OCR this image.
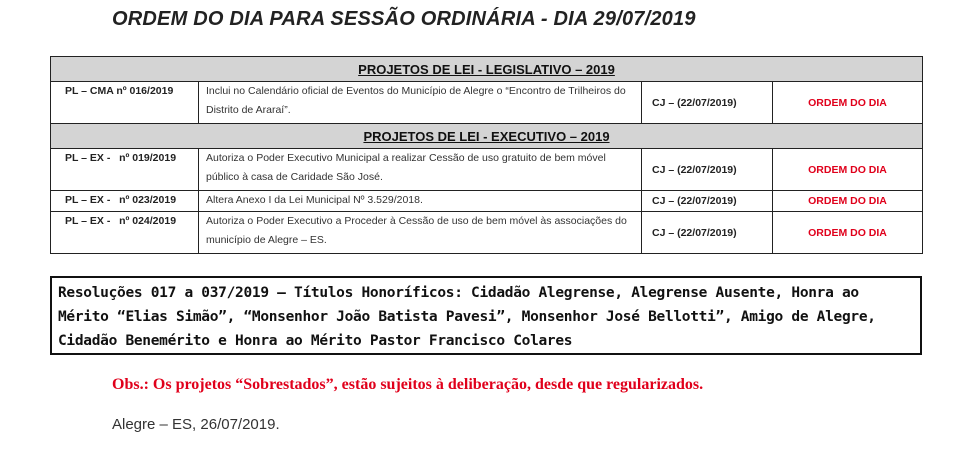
ORDEM DO DIA PARA SESSÃO ORDINÁRIA - DIA 29/07/2019
PROJETOS DE LEI - LEGISLATIVO – 2019			
PL – CMA nº 016/2019	Inclui no Calendário oficial de Eventos do Município de Alegre o “Encontro de Trilheiros do Distrito de Araraí”.	CJ – (22/07/2019)	ORDEM DO DIA
PROJETOS DE LEI - EXECUTIVO – 2019			
PL – EX -   nº 019/2019	Autoriza o Poder Executivo Municipal a realizar Cessão de uso gratuito de bem móvel público à casa de Caridade São José.	CJ – (22/07/2019)	ORDEM DO DIA
PL – EX -   nº 023/2019	Altera Anexo I da Lei Municipal Nº 3.529/2018.	CJ – (22/07/2019)	ORDEM DO DIA
PL – EX -   nº 024/2019	Autoriza o Poder Executivo a Proceder à Cessão de uso de bem móvel às associações do município de Alegre – ES.	CJ – (22/07/2019)	ORDEM DO DIA
Resoluções 017 a 037/2019 – Títulos Honoríficos: Cidadão Alegrense, Alegrense Ausente, Honra ao Mérito “Elias Simão”, “Monsenhor João Batista Pavesi”, Monsenhor José Bellotti”, Amigo de Alegre, Cidadão Benemérito e Honra ao Mérito Pastor Francisco Colares
Obs.: Os projetos “Sobrestados”, estão sujeitos à deliberação, desde que regularizados.
Alegre – ES, 26/07/2019.
